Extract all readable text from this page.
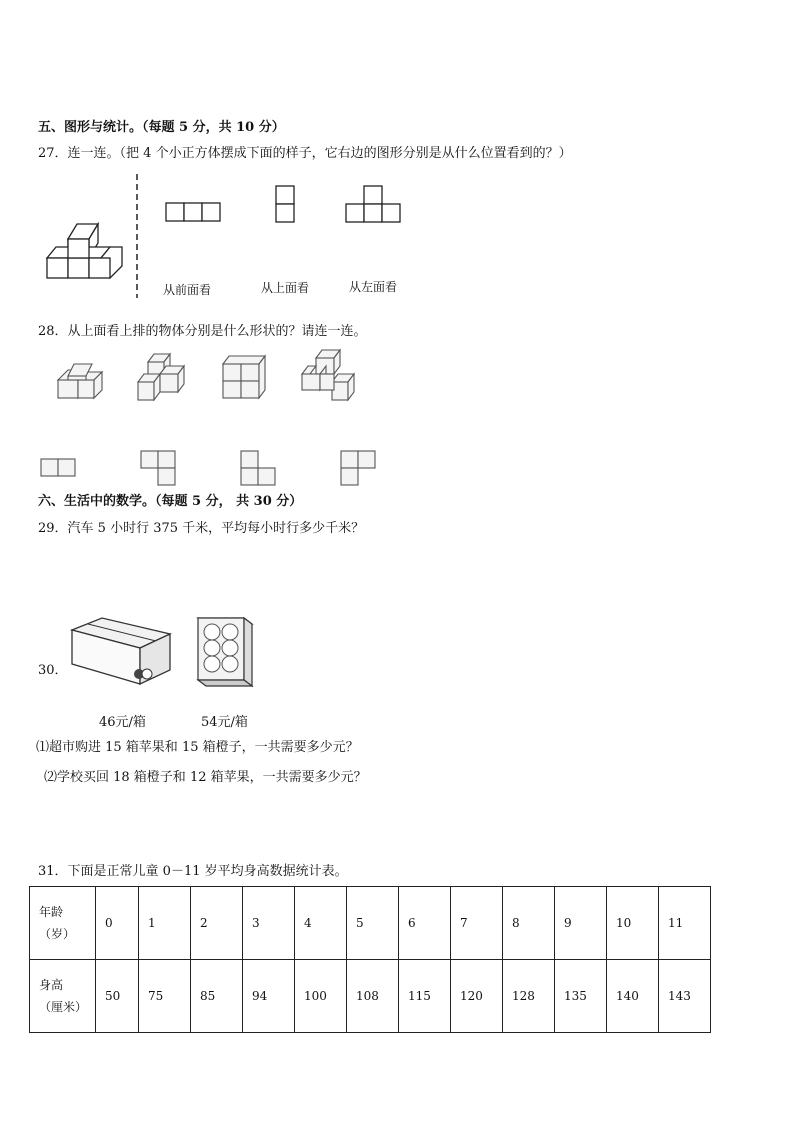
五、图形与统计。（每题 5 分，共 10 分）
27．连一连。（把 4 个小正方体摆成下面的样子，它右边的图形分别是从什么位置看到的？）
从前面看	从上面看	从左面看
28．从上面看上排的物体分别是什么形状的？请连一连。
六、生活中的数学。（每题 5 分， 共 30 分）
29．汽车 5 小时行 375 千米，平均每小时行多少千米？
30．
46元/箱	54元/箱
⑴超市购进 15 箱苹果和 15 箱橙子，一共需要多少元？
⑵学校买回 18 箱橙子和 12 箱苹果，一共需要多少元？
31．下面是正常儿童 0－11 岁平均身高数据统计表。
年龄
（岁）	0	1	2	3	4	5	6	7	8	9	10	11

身高
（厘米）	50	75	85	94	100	108	115	120	128	135	140	143
